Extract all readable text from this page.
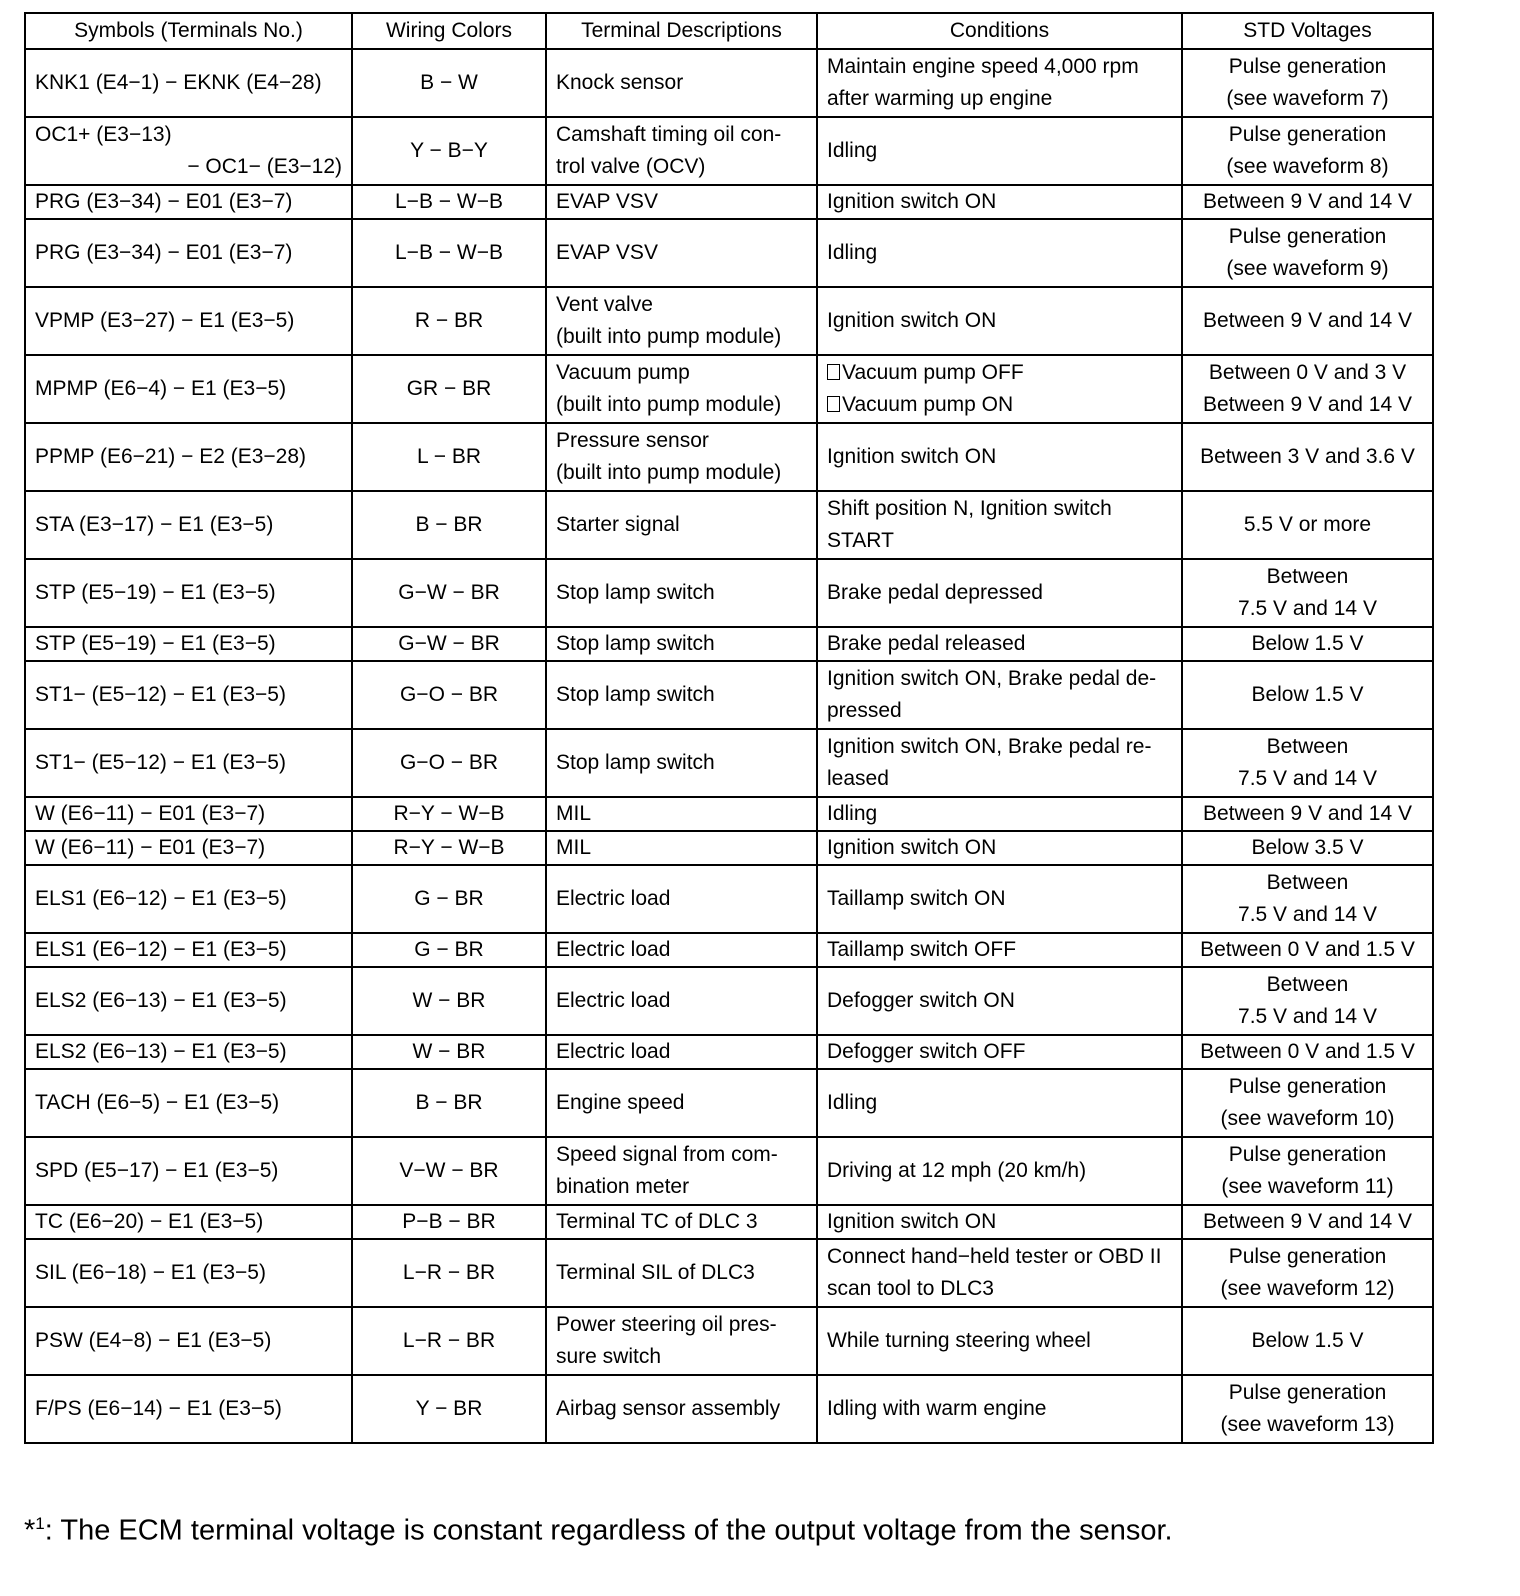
Symbols (Terminals No.)	Wiring Colors	Terminal Descriptions	Conditions	STD Voltages

KNK1 (E4−1) − EKNK (E4−28)	B − W	Knock sensor	Maintain engine speed 4,000 rpm
after warming up engine	Pulse generation
(see waveform 7)

OC1+ (E3−13)
− OC1− (E3−12)	Y − B−Y	Camshaft timing oil con-
trol valve (OCV)	Idling	Pulse generation
(see waveform 8)

PRG (E3−34) − E01 (E3−7)	L−B − W−B	EVAP VSV	Ignition switch ON	Between 9 V and 14 V

PRG (E3−34) − E01 (E3−7)	L−B − W−B	EVAP VSV	Idling	Pulse generation
(see waveform 9)

VPMP (E3−27) − E1 (E3−5)	R − BR	Vent valve
(built into pump module)	Ignition switch ON	Between 9 V and 14 V

MPMP (E6−4) − E1 (E3−5)	GR − BR	Vacuum pump
(built into pump module)	Vacuum pump OFF
Vacuum pump ON	Between 0 V and 3 V
Between 9 V and 14 V

PPMP (E6−21) − E2 (E3−28)	L − BR	Pressure sensor
(built into pump module)	Ignition switch ON	Between 3 V and 3.6 V

STA (E3−17) − E1 (E3−5)	B − BR	Starter signal	Shift position N, Ignition switch
START	5.5 V or more

STP (E5−19) − E1 (E3−5)	G−W − BR	Stop lamp switch	Brake pedal depressed	Between
7.5 V and 14 V

STP (E5−19) − E1 (E3−5)	G−W − BR	Stop lamp switch	Brake pedal released	Below 1.5 V

ST1− (E5−12) − E1 (E3−5)	G−O − BR	Stop lamp switch	Ignition switch ON, Brake pedal de-
pressed	Below 1.5 V

ST1− (E5−12) − E1 (E3−5)	G−O − BR	Stop lamp switch	Ignition switch ON, Brake pedal re-
leased	Between
7.5 V and 14 V

W (E6−11) − E01 (E3−7)	R−Y − W−B	MIL	Idling	Between 9 V and 14 V

W (E6−11) − E01 (E3−7)	R−Y − W−B	MIL	Ignition switch ON	Below 3.5 V

ELS1 (E6−12) − E1 (E3−5)	G − BR	Electric load	Taillamp switch ON	Between
7.5 V and 14 V

ELS1 (E6−12) − E1 (E3−5)	G − BR	Electric load	Taillamp switch OFF	Between 0 V and 1.5 V

ELS2 (E6−13) − E1 (E3−5)	W − BR	Electric load	Defogger switch ON	Between
7.5 V and 14 V

ELS2 (E6−13) − E1 (E3−5)	W − BR	Electric load	Defogger switch OFF	Between 0 V and 1.5 V

TACH (E6−5) − E1 (E3−5)	B − BR	Engine speed	Idling	Pulse generation
(see waveform 10)

SPD (E5−17) − E1 (E3−5)	V−W − BR	Speed signal from com-
bination meter	Driving at 12 mph (20 km/h)	Pulse generation
(see waveform 11)

TC (E6−20) − E1 (E3−5)	P−B − BR	Terminal TC of DLC 3	Ignition switch ON	Between 9 V and 14 V

SIL (E6−18) − E1 (E3−5)	L−R − BR	Terminal SIL of DLC3	Connect hand−held tester or OBD II
scan tool to DLC3	Pulse generation
(see waveform 12)

PSW (E4−8) − E1 (E3−5)	L−R − BR	Power steering oil pres-
sure switch	While turning steering wheel	Below 1.5 V

F/PS (E6−14) − E1 (E3−5)	Y − BR	Airbag sensor assembly	Idling with warm engine	Pulse generation
(see waveform 13)
*$^1$: The ECM terminal voltage is constant regardless of the output voltage from the sensor.
